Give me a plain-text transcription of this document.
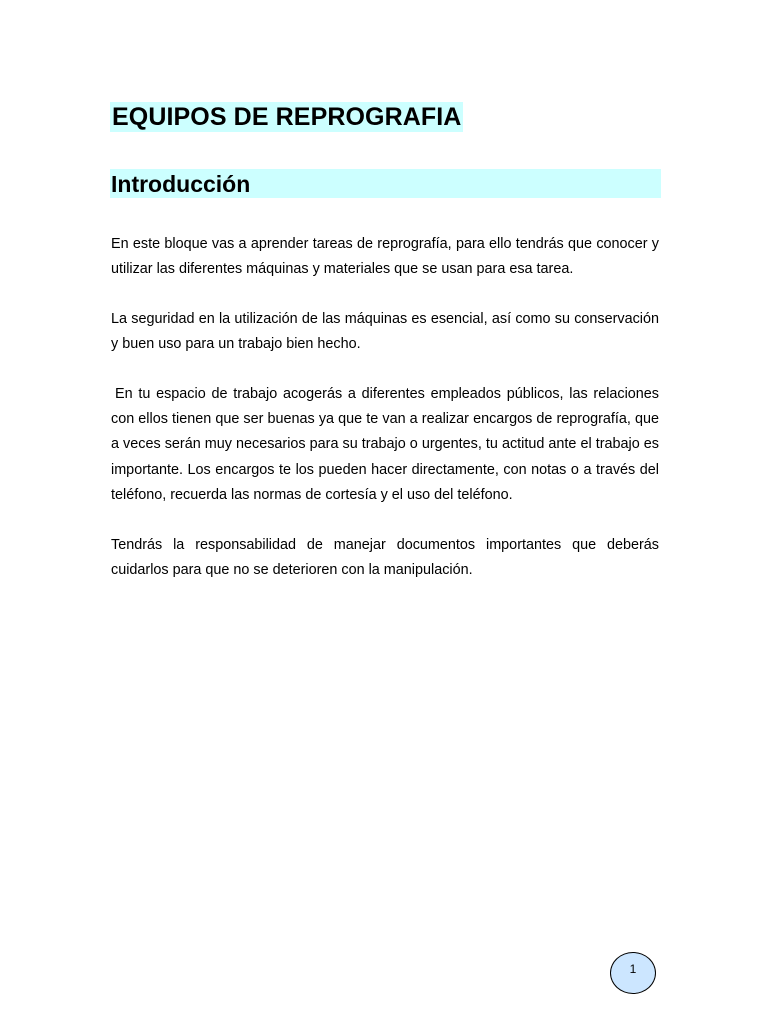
EQUIPOS DE REPROGRAFIA
Introducción

En este bloque vas a aprender tareas de reprografía, para ello tendrás que conocer y utilizar las diferentes máquinas y materiales que se usan para esa tarea.

La seguridad en la utilización de las máquinas es esencial, así como su conservación y buen uso para un trabajo bien hecho.

En tu espacio de trabajo acogerás a diferentes empleados públicos, las relaciones con ellos tienen que ser buenas ya que te van a realizar encargos de reprografía, que a veces serán muy necesarios para su trabajo o urgentes, tu actitud ante el trabajo es importante. Los encargos te los pueden hacer directamente, con notas o a través del teléfono, recuerda las normas de cortesía y el uso del teléfono.

Tendrás la responsabilidad de manejar documentos importantes que deberás cuidarlos para que no se deterioren con la manipulación.

1
